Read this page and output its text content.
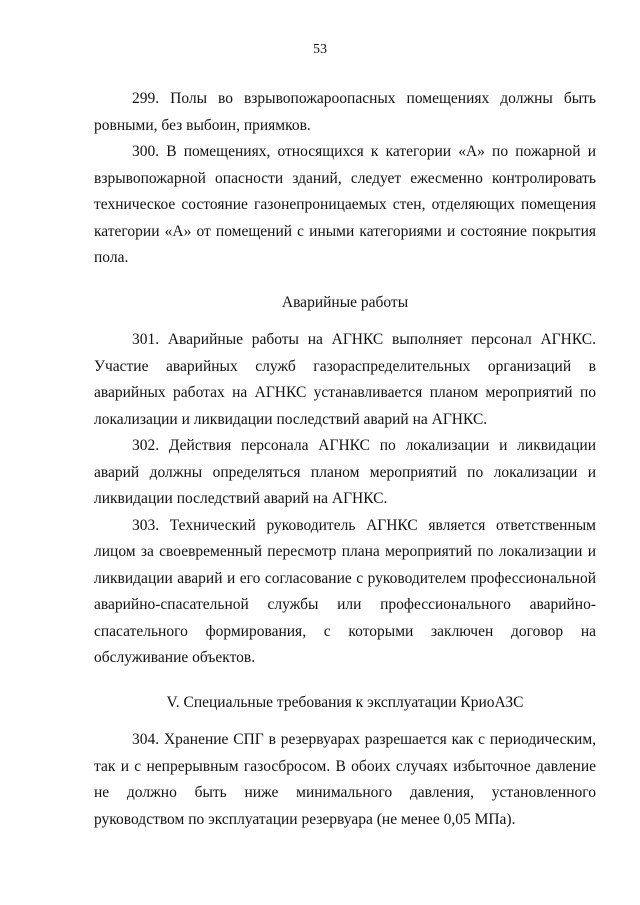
53

299. Полы во взрывопожароопасных помещениях должны быть ровными, без выбоин, приямков.

300. В помещениях, относящихся к категории «А» по пожарной и взрывопожарной опасности зданий, следует ежесменно контролировать техническое состояние газонепроницаемых стен, отделяющих помещения категории «А» от помещений с иными категориями и состояние покрытия пола.

Аварийные работы

301. Аварийные работы на АГНКС выполняет персонал АГНКС. Участие аварийных служб газораспределительных организаций в аварийных работах на АГНКС устанавливается планом мероприятий по локализации и ликвидации последствий аварий на АГНКС.

302. Действия персонала АГНКС по локализации и ликвидации аварий должны определяться планом мероприятий по локализации и ликвидации последствий аварий на АГНКС.

303. Технический руководитель АГНКС является ответственным лицом за своевременный пересмотр плана мероприятий по локализации и ликвидации аварий и его согласование с руководителем профессиональной аварийно-спасательной службы или профессионального аварийно-спасательного формирования, с которыми заключен договор на обслуживание объектов.

V. Специальные требования к эксплуатации КриоАЗС

304. Хранение СПГ в резервуарах разрешается как с периодическим, так и с непрерывным газосбросом. В обоих случаях избыточное давление не должно быть ниже минимального давления, установленного руководством по эксплуатации резервуара (не менее 0,05 МПа).
